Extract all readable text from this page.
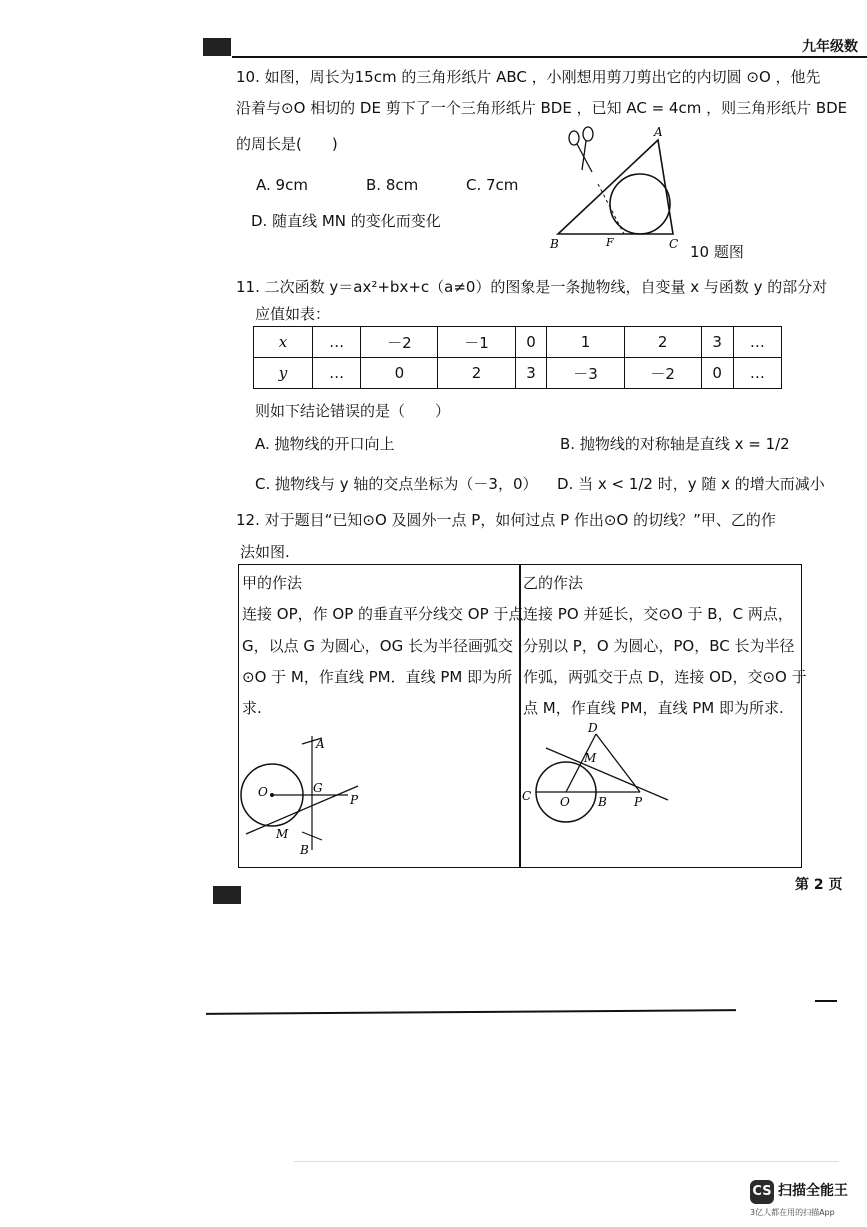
九年级数
10. 如图，周长为15cm 的三角形纸片 ABC ，小刚想用剪刀剪出它的内切圆 ⊙O ，他先
沿着与⊙O 相切的 DE 剪下了一个三角形纸片 BDE ，已知 AC = 4cm ，则三角形纸片 BDE
的周长是(　　)
A. 9cm	B. 8cm	C. 7cm
D. 随直线 MN 的变化而变化
A
B	F	C 10 题图
11. 二次函数 y＝ax²+bx+c（a≠0）的图象是一条抛物线，自变量 x 与函数 y 的部分对
应值如表：
x	…	－2	－1	0	1	2	3	…
y	…	0	2	3	－3	－2	0	…
则如下结论错误的是（　　）
A. 抛物线的开口向上	B. 抛物线的对称轴是直线 x = 1/2
C. 抛物线与 y 轴的交点坐标为（－3，0） D. 当 x < 1/2 时，y 随 x 的增大而减小
12. 对于题目“已知⊙O 及圆外一点 P，如何过点 P 作出⊙O 的切线？”甲、乙的作
法如图.
甲的作法
连接 OP，作 OP 的垂直平分线交 OP 于点
G，以点 G 为圆心，OG 长为半径画弧交
⊙O 于 M，作直线 PM．直线 PM 即为所
求.
A
O	G
P
M
B
乙的作法
连接 PO 并延长，交⊙O 于 B，C 两点，
分别以 P，O 为圆心，PO，BC 长为半径
作弧，两弧交于点 D，连接 OD，交⊙O 于
点 M，作直线 PM，直线 PM 即为所求.
D
M
C O B P
第 2 页
CS 扫描全能王
3亿人都在用的扫描App
